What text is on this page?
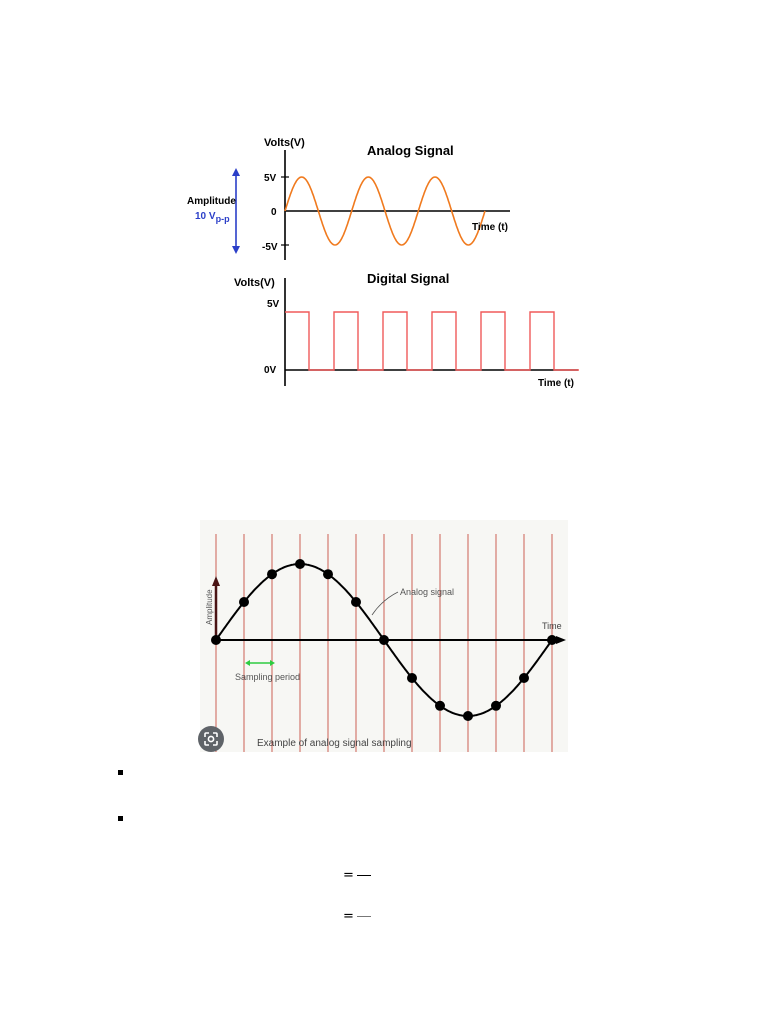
Volts(V)	Analog Signal
5V
0
-5V
Time (t)
Amplitude
10 Vp-p
Volts(V)	Digital Signal
5V
0V
Time (t)
Amplitude
Time
Analog signal
Sampling period
Example of analog signal sampling
=
=
